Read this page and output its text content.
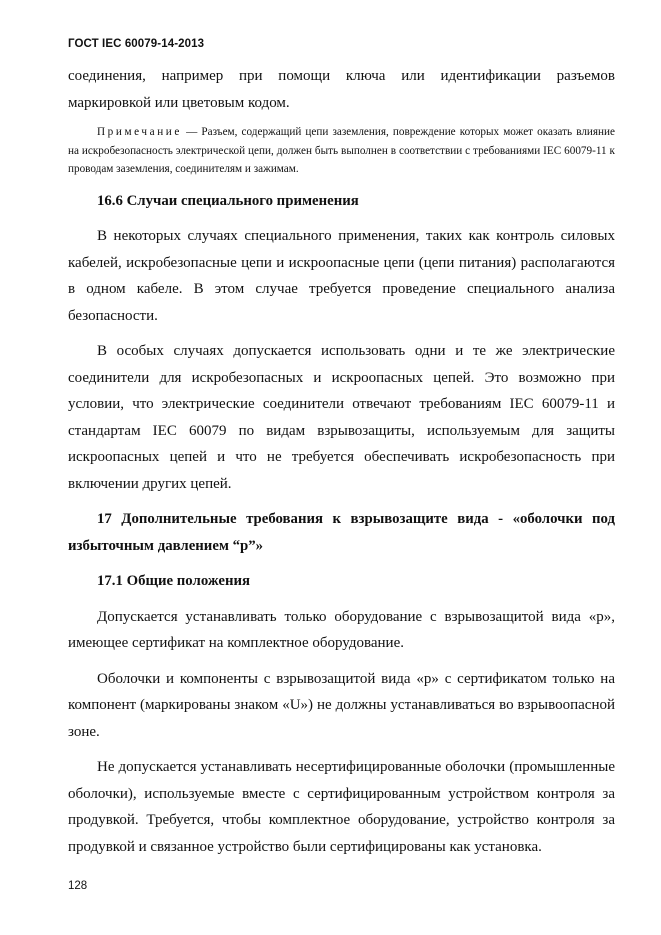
ГОСТ IEC 60079-14-2013

соединения, например при помощи ключа или идентификации разъемов маркировкой или цветовым кодом.

Примечание — Разъем, содержащий цепи заземления, повреждение которых может оказать влияние на искробезопасность электрической цепи, должен быть выполнен в соответствии с требованиями IEC 60079-11 к проводам заземления, соединителям и зажимам.

16.6 Случаи специального применения

В некоторых случаях специального применения, таких как контроль силовых кабелей, искробезопасные цепи и искроопасные цепи (цепи питания) располагаются в одном кабеле. В этом случае требуется проведение специального анализа безопасности.

В особых случаях допускается использовать одни и те же электрические соединители для искробезопасных и искроопасных цепей. Это возможно при условии, что электрические соединители отвечают требованиям IEC 60079-11 и стандартам IEC 60079 по видам взрывозащиты, используемым для защиты искроопасных цепей и что не требуется обеспечивать искробезопасность при включении других цепей.

17 Дополнительные требования к взрывозащите вида - «оболочки под избыточным давлением “р”»

17.1 Общие положения

Допускается устанавливать только оборудование с взрывозащитой вида «р», имеющее сертификат на комплектное оборудование.

Оболочки и компоненты с взрывозащитой вида «р» с сертификатом только на компонент (маркированы знаком «U») не должны устанавливаться во взрывоопасной зоне.

Не допускается устанавливать несертифицированные оболочки (промышленные оболочки), используемые вместе с сертифицированным устройством контроля за продувкой. Требуется, чтобы комплектное оборудование, устройство контроля за продувкой и связанное устройство были сертифицированы как установка.

128
